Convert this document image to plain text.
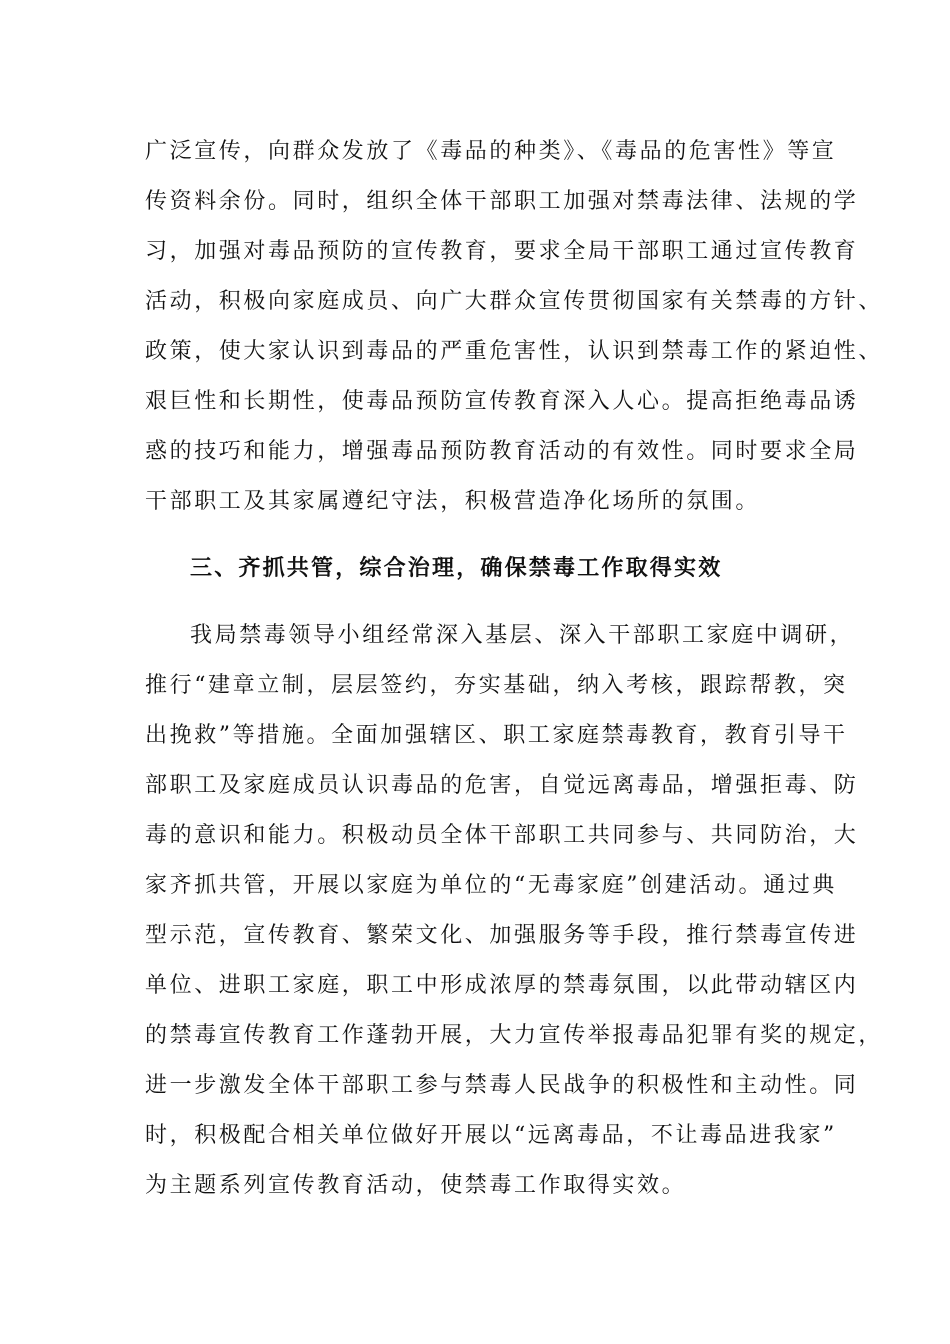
广泛宣传，向群众发放了《毒品的种类》、《毒品的危害性》等宣
传资料余份。同时，组织全体干部职工加强对禁毒法律、法规的学
习，加强对毒品预防的宣传教育，要求全局干部职工通过宣传教育
活动，积极向家庭成员、向广大群众宣传贯彻国家有关禁毒的方针、
政策，使大家认识到毒品的严重危害性，认识到禁毒工作的紧迫性、
艰巨性和长期性，使毒品预防宣传教育深入人心。提高拒绝毒品诱
惑的技巧和能力，增强毒品预防教育活动的有效性。同时要求全局
干部职工及其家属遵纪守法，积极营造净化场所的氛围。
三、齐抓共管，综合治理，确保禁毒工作取得实效
我局禁毒领导小组经常深入基层、深入干部职工家庭中调研，
推行“建章立制，层层签约，夯实基础，纳入考核，跟踪帮教，突
出挽救”等措施。全面加强辖区、职工家庭禁毒教育，教育引导干
部职工及家庭成员认识毒品的危害，自觉远离毒品，增强拒毒、防
毒的意识和能力。积极动员全体干部职工共同参与、共同防治，大
家齐抓共管，开展以家庭为单位的“无毒家庭”创建活动。通过典
型示范，宣传教育、繁荣文化、加强服务等手段，推行禁毒宣传进
单位、进职工家庭，职工中形成浓厚的禁毒氛围，以此带动辖区内
的禁毒宣传教育工作蓬勃开展，大力宣传举报毒品犯罪有奖的规定，
进一步激发全体干部职工参与禁毒人民战争的积极性和主动性。同
时，积极配合相关单位做好开展以“远离毒品，不让毒品进我家”
为主题系列宣传教育活动，使禁毒工作取得实效。
